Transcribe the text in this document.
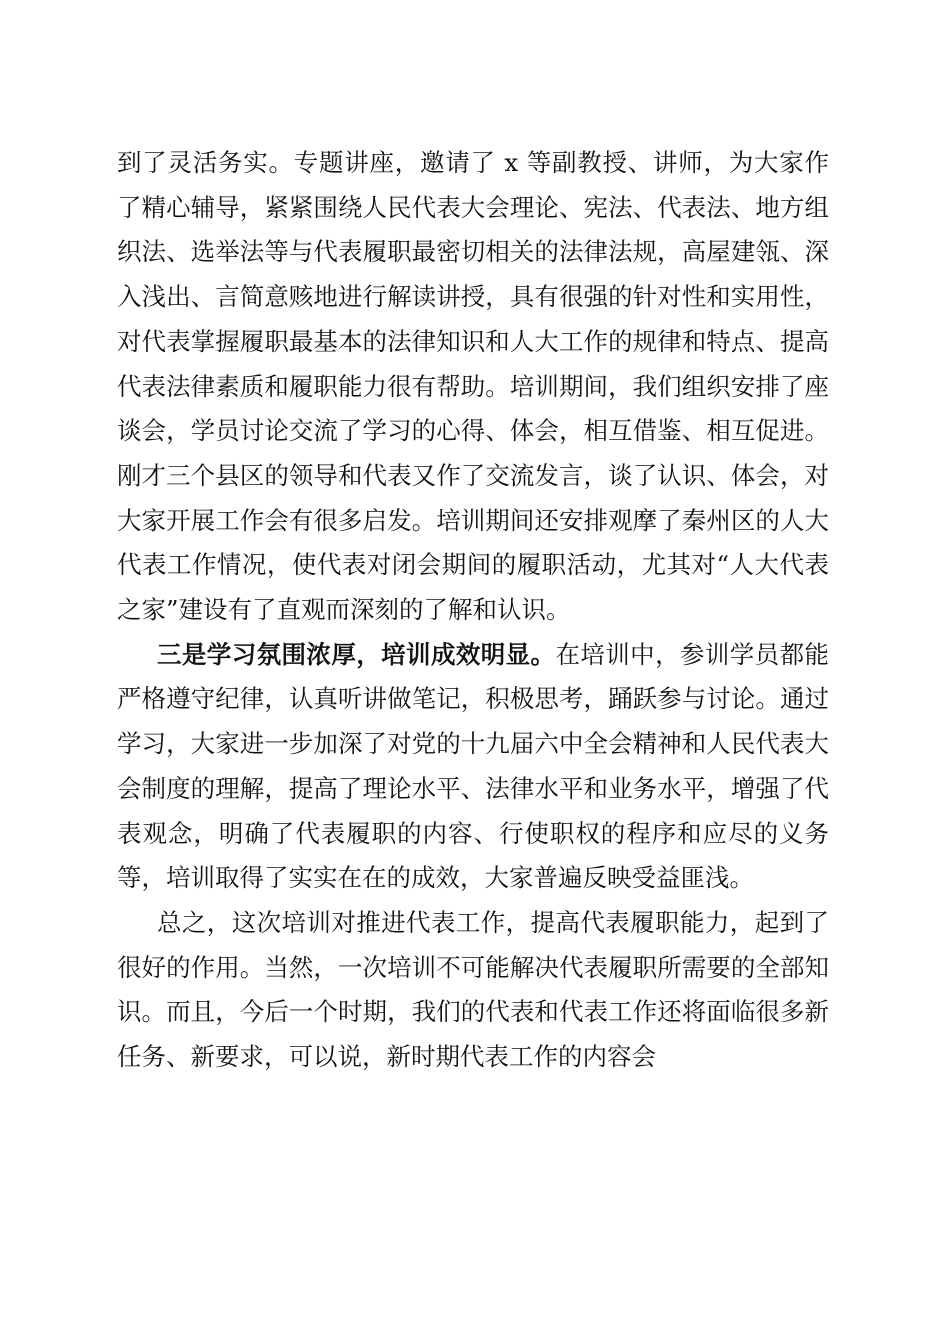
到了灵活务实。专题讲座，邀请了 x 等副教授、讲师，为大家作了精心辅导，紧紧围绕人民代表大会理论、宪法、代表法、地方组织法、选举法等与代表履职最密切相关的法律法规，高屋建瓴、深入浅出、言简意赅地进行解读讲授，具有很强的针对性和实用性，对代表掌握履职最基本的法律知识和人大工作的规律和特点、提高代表法律素质和履职能力很有帮助。培训期间，我们组织安排了座谈会，学员讨论交流了学习的心得、体会，相互借鉴、相互促进。刚才三个县区的领导和代表又作了交流发言，谈了认识、体会，对大家开展工作会有很多启发。培训期间还安排观摩了秦州区的人大代表工作情况，使代表对闭会期间的履职活动，尤其对“人大代表之家”建设有了直观而深刻的了解和认识。

三是学习氛围浓厚，培训成效明显。在培训中，参训学员都能严格遵守纪律，认真听讲做笔记，积极思考，踊跃参与讨论。通过学习，大家进一步加深了对党的十九届六中全会精神和人民代表大会制度的理解，提高了理论水平、法律水平和业务水平，增强了代表观念，明确了代表履职的内容、行使职权的程序和应尽的义务等，培训取得了实实在在的成效，大家普遍反映受益匪浅。

总之，这次培训对推进代表工作，提高代表履职能力，起到了很好的作用。当然，一次培训不可能解决代表履职所需要的全部知识。而且，今后一个时期，我们的代表和代表工作还将面临很多新任务、新要求，可以说，新时期代表工作的内容会
